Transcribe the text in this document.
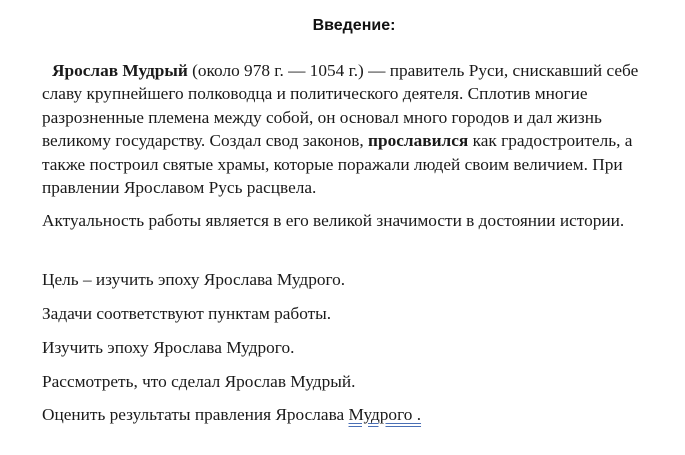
Введение:

Ярослав Мудрый (около 978 г. — 1054 г.) — правитель Руси, снискавший себе славу крупнейшего полководца и политического деятеля. Сплотив многие разрозненные племена между собой, он основал много городов и дал жизнь великому государству. Создал свод законов, прославился как градостроитель, а также построил святые храмы, которые поражали людей своим величием. При правлении Ярославом Русь расцвела.

Актуальность работы является в его великой значимости в достоянии истории.

Цель – изучить эпоху Ярослава Мудрого.

Задачи соответствуют пунктам работы.

Изучить эпоху Ярослава Мудрого.

Рассмотреть, что сделал Ярослав Мудрый.

Оценить результаты правления Ярослава Мудрого .
